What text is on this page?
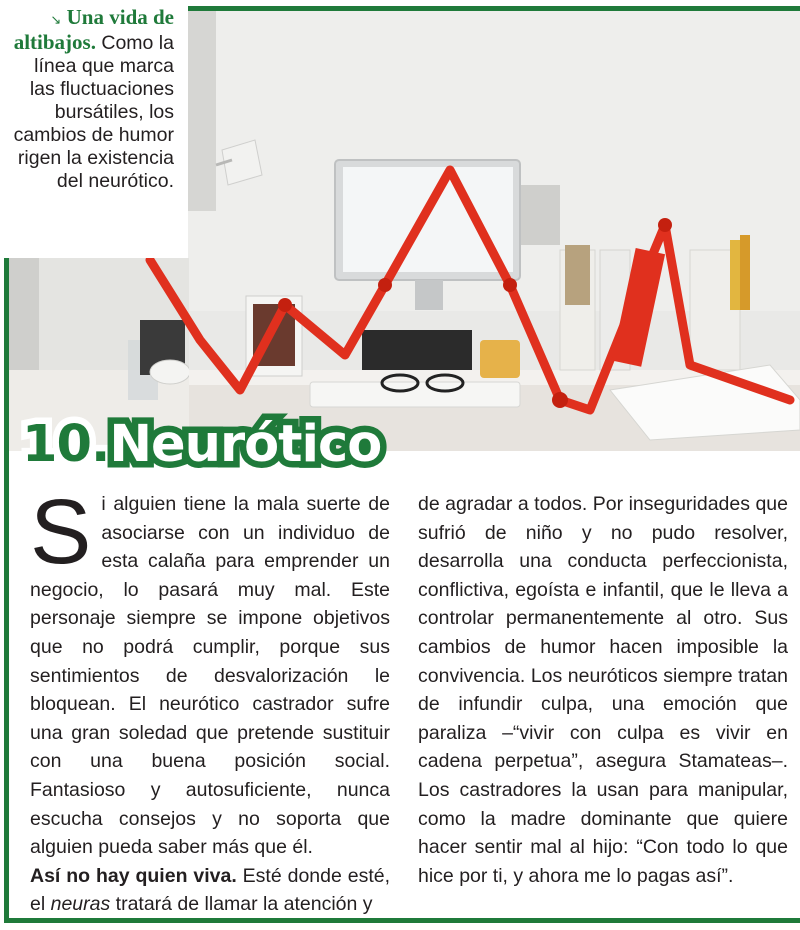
↘ Una vida de altibajos. Como la línea que marca las fluctuaciones bursátiles, los cambios de humor rigen la existencia del neurótico.
10.Neurótico

Si alguien tiene la mala suerte de asociarse con un individuo de esta calaña para emprender un negocio, lo pasará muy mal. Este personaje siempre se impone objetivos que no podrá cumplir, porque sus sentimientos de desvalorización le bloquean. El neurótico castrador sufre una gran soledad que pretende sustituir con una buena posición social. Fantasioso y autosuficiente, nunca escucha consejos y no soporta que alguien pueda saber más que él.

Así no hay quien viva. Esté donde esté, el neuras tratará de llamar la atención y

de agradar a todos. Por inseguridades que sufrió de niño y no pudo resolver, desarrolla una conducta perfeccionista, conflictiva, egoísta e infantil, que le lleva a controlar permanentemente al otro. Sus cambios de humor hacen imposible la convivencia. Los neuróticos siempre tratan de infundir culpa, una emoción que paraliza –“vivir con culpa es vivir en cadena perpetua”, asegura Stamateas–. Los castradores la usan para manipular, como la madre dominante que quiere hacer sentir mal al hijo: “Con todo lo que hice por ti, y ahora me lo pagas así”.
